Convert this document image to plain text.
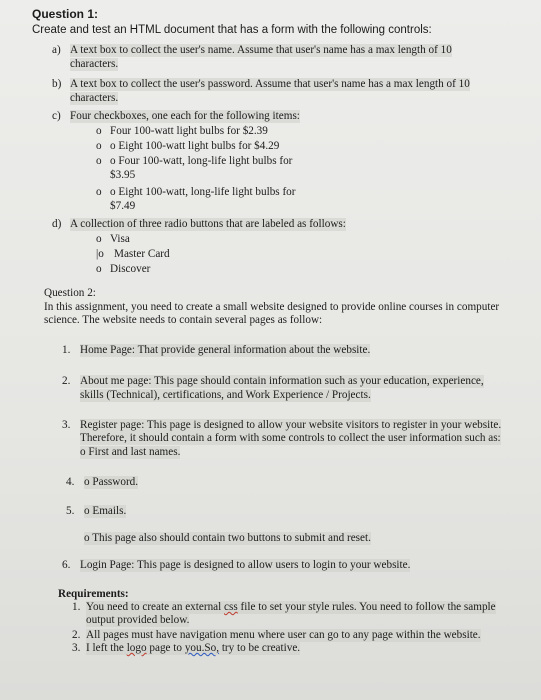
Question 1:
Create and test an HTML document that has a form with the following controls:
a) A text box to collect the user's name. Assume that user's name has a max length of 10
characters.
b) A text box to collect the user's password. Assume that user's name has a max length of 10
characters.
c) Four checkboxes, one each for the following items:
o Four 100-watt light bulbs for $2.39
o o Eight 100-watt light bulbs for $4.29
o o Four 100-watt, long-life light bulbs for
$3.95
o o Eight 100-watt, long-life light bulbs for
$7.49
d) A collection of three radio buttons that are labeled as follows:
o Visa
|o Master Card
o Discover
Question 2:
In this assignment, you need to create a small website designed to provide online courses in computer
science. The website needs to contain several pages as follow:
1. Home Page: That provide general information about the website.
2. About me page: This page should contain information such as your education, experience,
skills (Technical), certifications, and Work Experience / Projects.
3. Register page: This page is designed to allow your website visitors to register in your website.
Therefore, it should contain a form with some controls to collect the user information such as:
o First and last names.
4. o Password.
5. o Emails.
o This page also should contain two buttons to submit and reset.
6. Login Page: This page is designed to allow users to login to your website.
Requirements:
1. You need to create an external css file to set your style rules. You need to follow the sample
output provided below.
2. All pages must have navigation menu where user can go to any page within the website.
3. I left the logo page to you.So, try to be creative.
